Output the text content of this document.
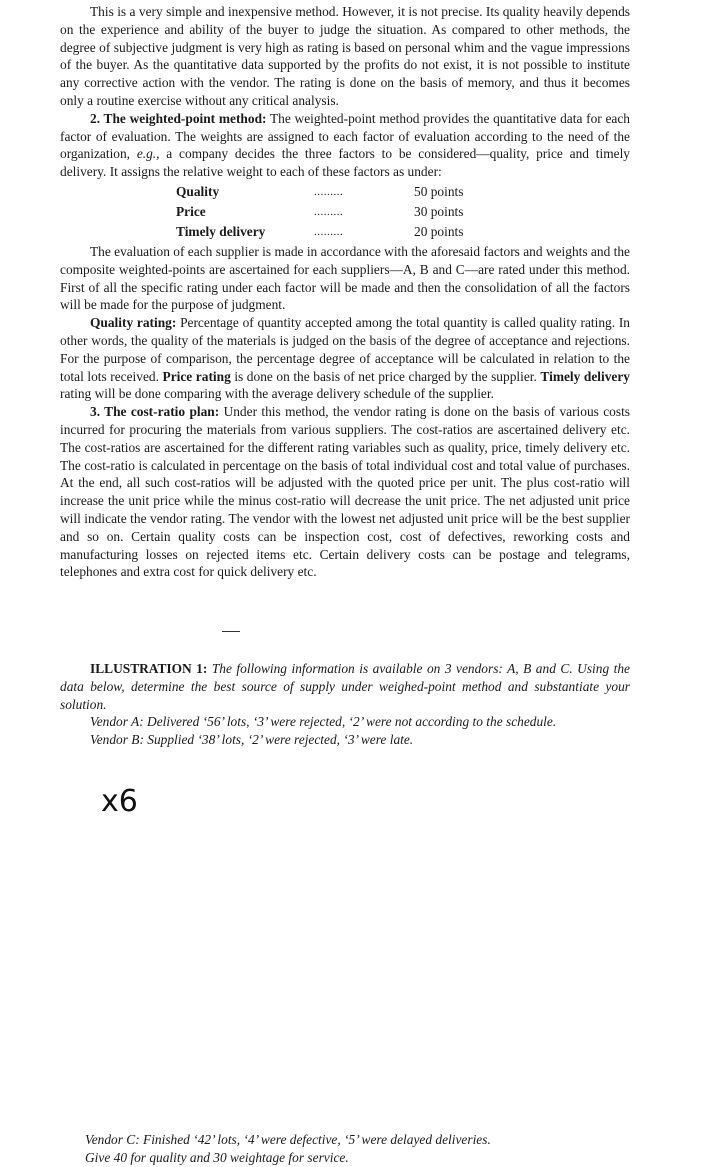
This is a very simple and inexpensive method. However, it is not precise. Its quality heavily depends on the experience and ability of the buyer to judge the situation. As compared to other methods, the degree of subjective judgment is very high as rating is based on personal whim and the vague impressions of the buyer. As the quantitative data supported by the profits do not exist, it is not possible to institute any corrective action with the vendor. The rating is done on the basis of memory, and thus it becomes only a routine exercise without any critical analysis.

2. The weighted-point method: The weighted-point method provides the quantitative data for each factor of evaluation. The weights are assigned to each factor of evaluation according to the need of the organization, e.g., a company decides the three factors to be considered—quality, price and timely delivery. It assigns the relative weight to each of these factors as under:

Quality	.........	50 points
Price	.........	30 points
Timely delivery	.........	20 points

The evaluation of each supplier is made in accordance with the aforesaid factors and weights and the composite weighted-points are ascertained for each suppliers—A, B and C—are rated under this method. First of all the specific rating under each factor will be made and then the consolidation of all the factors will be made for the purpose of judgment.

Quality rating: Percentage of quantity accepted among the total quantity is called quality rating. In other words, the quality of the materials is judged on the basis of the degree of acceptance and rejections. For the purpose of comparison, the percentage degree of acceptance will be calculated in relation to the total lots received. Price rating is done on the basis of net price charged by the supplier. Timely delivery rating will be done comparing with the average delivery schedule of the supplier.

3. The cost-ratio plan: Under this method, the vendor rating is done on the basis of various costs incurred for procuring the materials from various suppliers. The cost-ratios are ascertained delivery etc. The cost-ratios are ascertained for the different rating variables such as quality, price, timely delivery etc. The cost-ratio is calculated in percentage on the basis of total individual cost and total value of purchases. At the end, all such cost-ratios will be adjusted with the quoted price per unit. The plus cost-ratio will increase the unit price while the minus cost-ratio will decrease the unit price. The net adjusted unit price will indicate the vendor rating. The vendor with the lowest net adjusted unit price will be the best supplier and so on. Certain quality costs can be inspection cost, cost of defectives, reworking costs and manufacturing losses on rejected items etc. Certain delivery costs can be postage and telegrams, telephones and extra cost for quick delivery etc.

ILLUSTRATION 1: The following information is available on 3 vendors: A, B and C. Using the data below, determine the best source of supply under weighed-point method and substantiate your solution.

Vendor A: Delivered ‘56’ lots, ‘3’ were rejected, ‘2’ were not according to the schedule.

Vendor B: Supplied ‘38’ lots, ‘2’ were rejected, ‘3’ were late.

x6

Vendor C: Finished ‘42’ lots, ‘4’ were defective, ‘5’ were delayed deliveries.

Give 40 for quality and 30 weightage for service.
